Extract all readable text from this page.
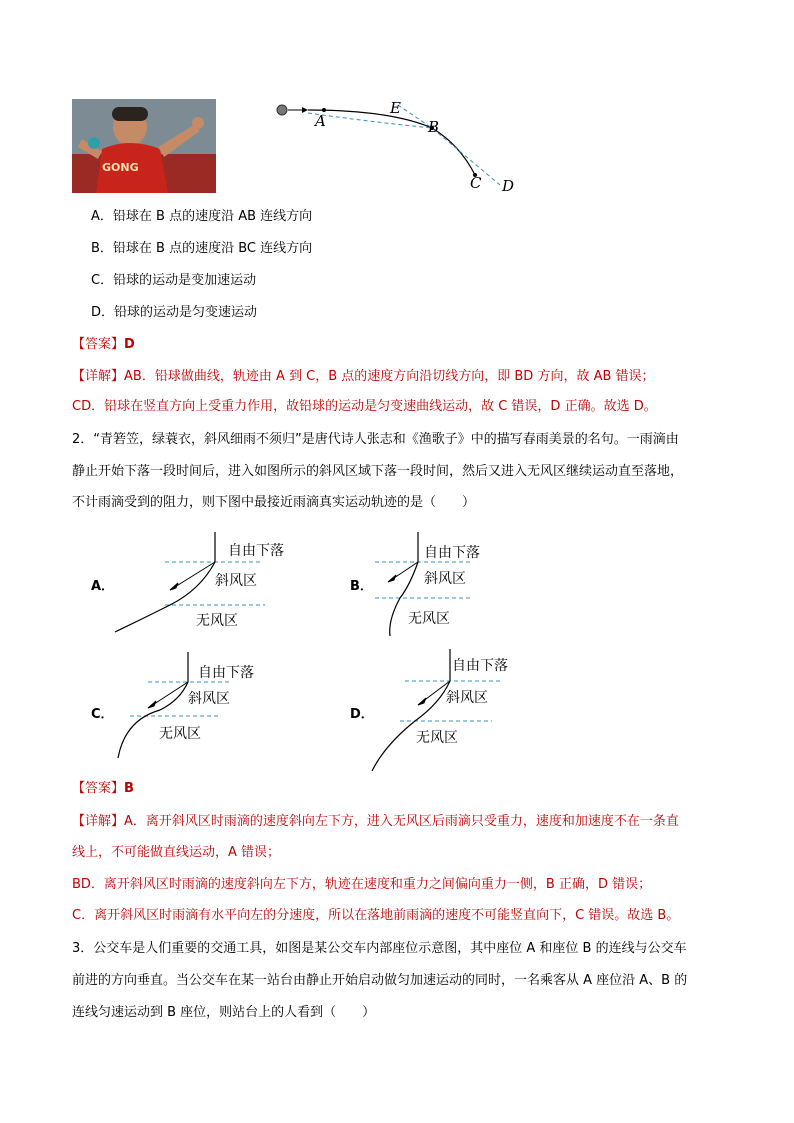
GONG
A
E
B
C D
A．铅球在 B 点的速度沿 AB 连线方向
B．铅球在 B 点的速度沿 BC 连线方向
C．铅球的运动是变加速运动
D．铅球的运动是匀变速运动
【答案】D
【详解】AB．铅球做曲线，轨迹由 A 到 C，B 点的速度方向沿切线方向，即 BD 方向，故 AB 错误；
CD．铅球在竖直方向上受重力作用，故铅球的运动是匀变速曲线运动，故 C 错误，D 正确。故选 D。
2．“青箬笠，绿蓑衣，斜风细雨不须归”是唐代诗人张志和《渔歌子》中的描写春雨美景的名句。一雨滴由
静止开始下落一段时间后，进入如图所示的斜风区域下落一段时间，然后又进入无风区继续运动直至落地，
不计雨滴受到的阻力，则下图中最接近雨滴真实运动轨迹的是（　　）
A．
自由下落
斜风区
无风区
B．
自由下落
斜风区
无风区
C．
自由下落
斜风区
无风区
D．
自由下落
斜风区
无风区
【答案】B
【详解】A．离开斜风区时雨滴的速度斜向左下方，进入无风区后雨滴只受重力，速度和加速度不在一条直
线上，不可能做直线运动，A 错误；
BD．离开斜风区时雨滴的速度斜向左下方，轨迹在速度和重力之间偏向重力一侧，B 正确，D 错误；
C．离开斜风区时雨滴有水平向左的分速度，所以在落地前雨滴的速度不可能竖直向下，C 错误。故选 B。
3．公交车是人们重要的交通工具，如图是某公交车内部座位示意图，其中座位 A 和座位 B 的连线与公交车
前进的方向垂直。当公交车在某一站台由静止开始启动做匀加速运动的同时，一名乘客从 A 座位沿 A、B 的
连线匀速运动到 B 座位，则站台上的人看到（　　）
